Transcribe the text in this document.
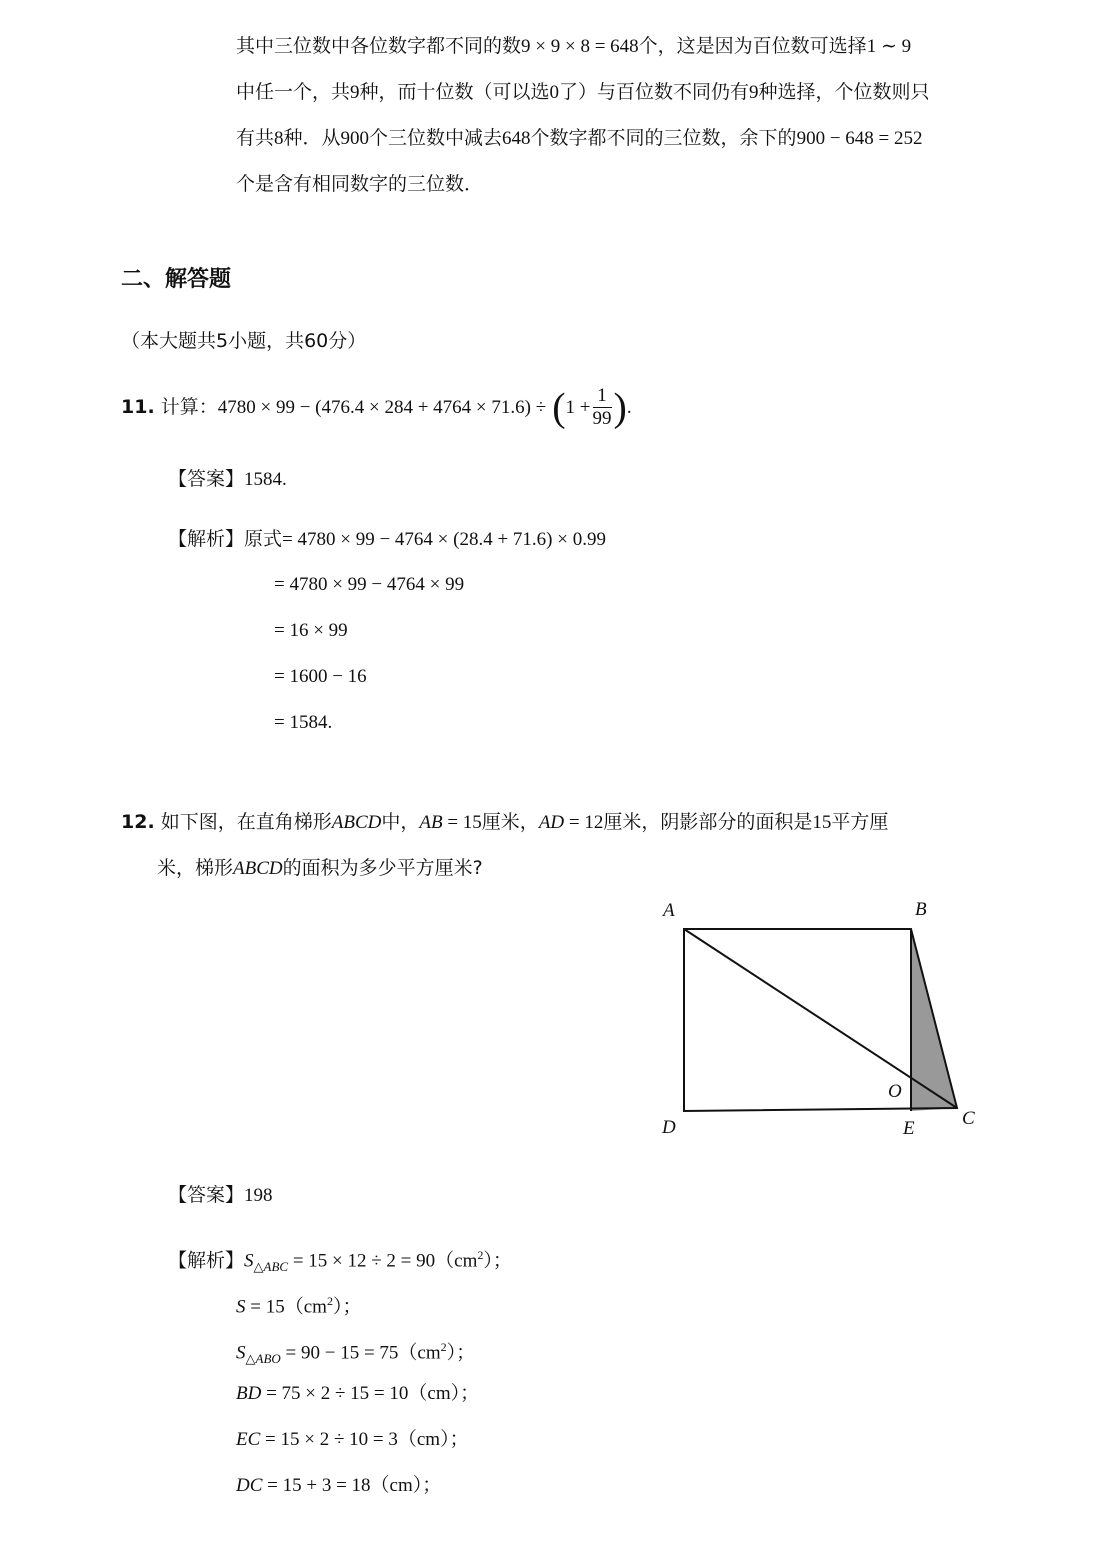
其中三位数中各位数字都不同的数9 × 9 × 8 = 648个，这是因为百位数可选择1 ∼ 9
中任一个，共9种，而十位数（可以选0了）与百位数不同仍有9种选择，个位数则只
有共8种．从900个三位数中减去648个数字都不同的三位数，余下的900 − 648 = 252
个是含有相同数字的三位数．
二、解答题
（本大题共5小题，共60分）
11. 计算：$4780 \times 99 - (476.4 \times 284 + 4764 \times 71.6) \div (1 + \frac{1}{99}$ ).
【答案】1584.
【解析】原式= 4780 × 99 − 4764 × (28.4 + 71.6) × 0.99
= 4780 × 99 − 4764 × 99
= 16 × 99
= 1600 − 16
= 1584.
12. 如下图，在直角梯形ABCD中，AB = 15厘米，AD = 12厘米，阴影部分的面积是15平方厘
米，梯形ABCD的面积为多少平方厘米?
A	B
C
D	E
O
【答案】198
【解析】$S_{\triangle ABC} = 15 \times 12 \div 2 = 90(cm^2)$；
$S = 15(cm^2)$；
$S_{\triangle ABO} = 90 - 15 = 75(cm^2)$；
BD = 75 × 2 ÷ 15 = 10（cm）；
EC = 15 × 2 ÷ 10 = 3（cm）；
DC = 15 + 3 = 18（cm）；
